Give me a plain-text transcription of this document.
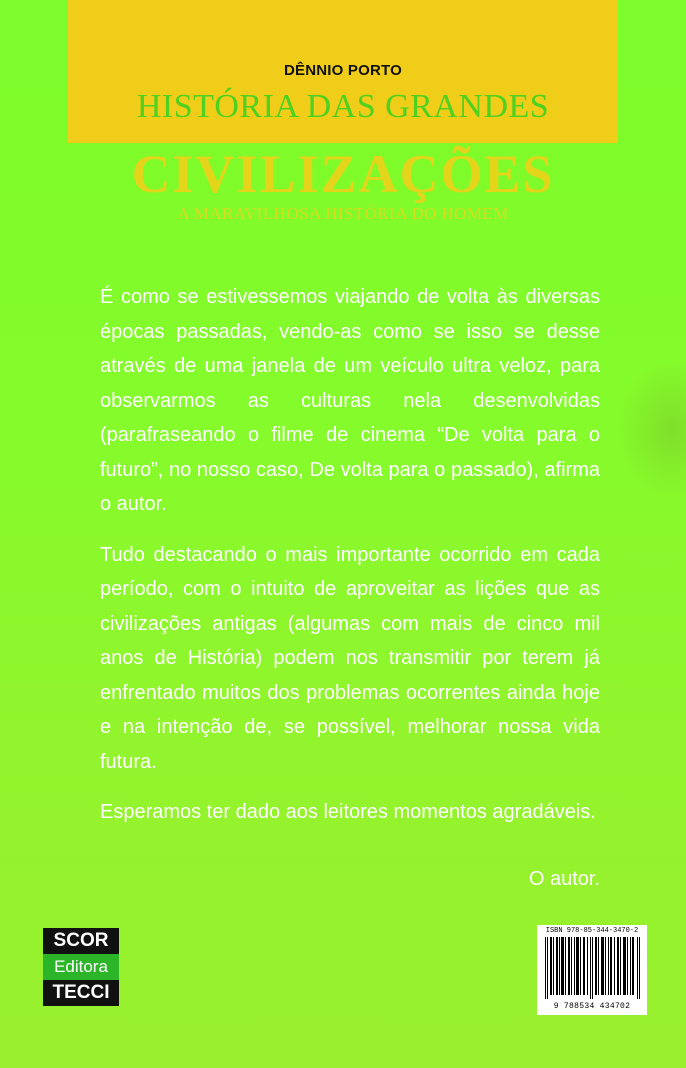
DÊNNIO PORTO
HISTÓRIA DAS GRANDES
CIVILIZAÇÕES
A MARAVILHOSA HISTÓRIA DO HOMEM

É como se estivessemos viajando de volta às diversas épocas passadas, vendo-as como se isso se desse através de uma janela de um veículo ultra veloz, para observarmos as culturas nela desenvolvidas (parafraseando o filme de cinema “De volta para o futuro”, no nosso caso, De volta para o passado), afirma o autor.

Tudo destacando o mais importante ocorrido em cada período, com o intuito de aproveitar as lições que as civilizações antigas (algumas com mais de cinco mil anos de História) podem nos transmitir por terem já enfrentado muitos dos problemas ocorrentes ainda hoje e na intenção de, se possível, melhorar nossa vida futura.

Esperamos ter dado aos leitores momentos agradáveis.

O autor.
SCOR
Editora
TECCI
ISBN 978-85-344-3470-2
9 788534 434702
